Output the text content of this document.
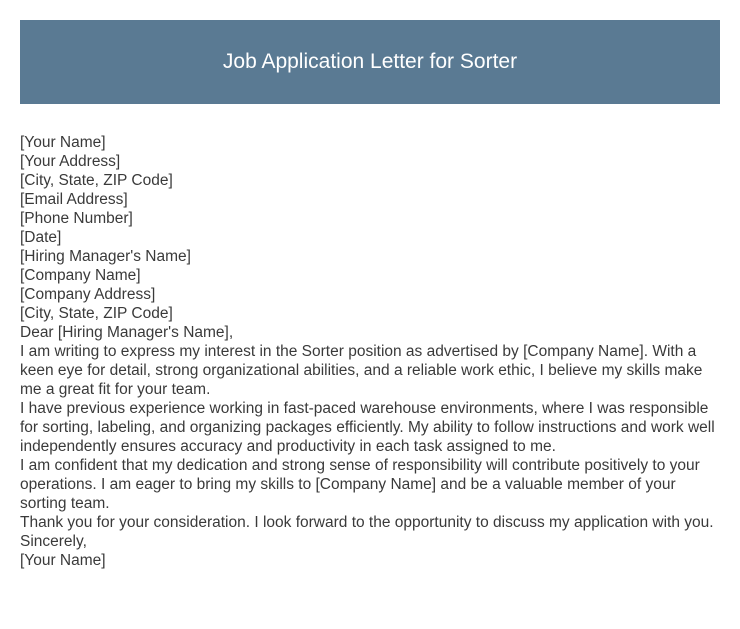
Job Application Letter for Sorter

[Your Name]

[Your Address]

[City, State, ZIP Code]

[Email Address]

[Phone Number]

[Date]

[Hiring Manager's Name]

[Company Name]

[Company Address]

[City, State, ZIP Code]

Dear [Hiring Manager's Name],

I am writing to express my interest in the Sorter position as advertised by [Company Name]. With a keen eye for detail, strong organizational abilities, and a reliable work ethic, I believe my skills make me a great fit for your team.

I have previous experience working in fast-paced warehouse environments, where I was responsible for sorting, labeling, and organizing packages efficiently. My ability to follow instructions and work well independently ensures accuracy and productivity in each task assigned to me.

I am confident that my dedication and strong sense of responsibility will contribute positively to your operations. I am eager to bring my skills to [Company Name] and be a valuable member of your sorting team.

Thank you for your consideration. I look forward to the opportunity to discuss my application with you.

Sincerely,

[Your Name]
